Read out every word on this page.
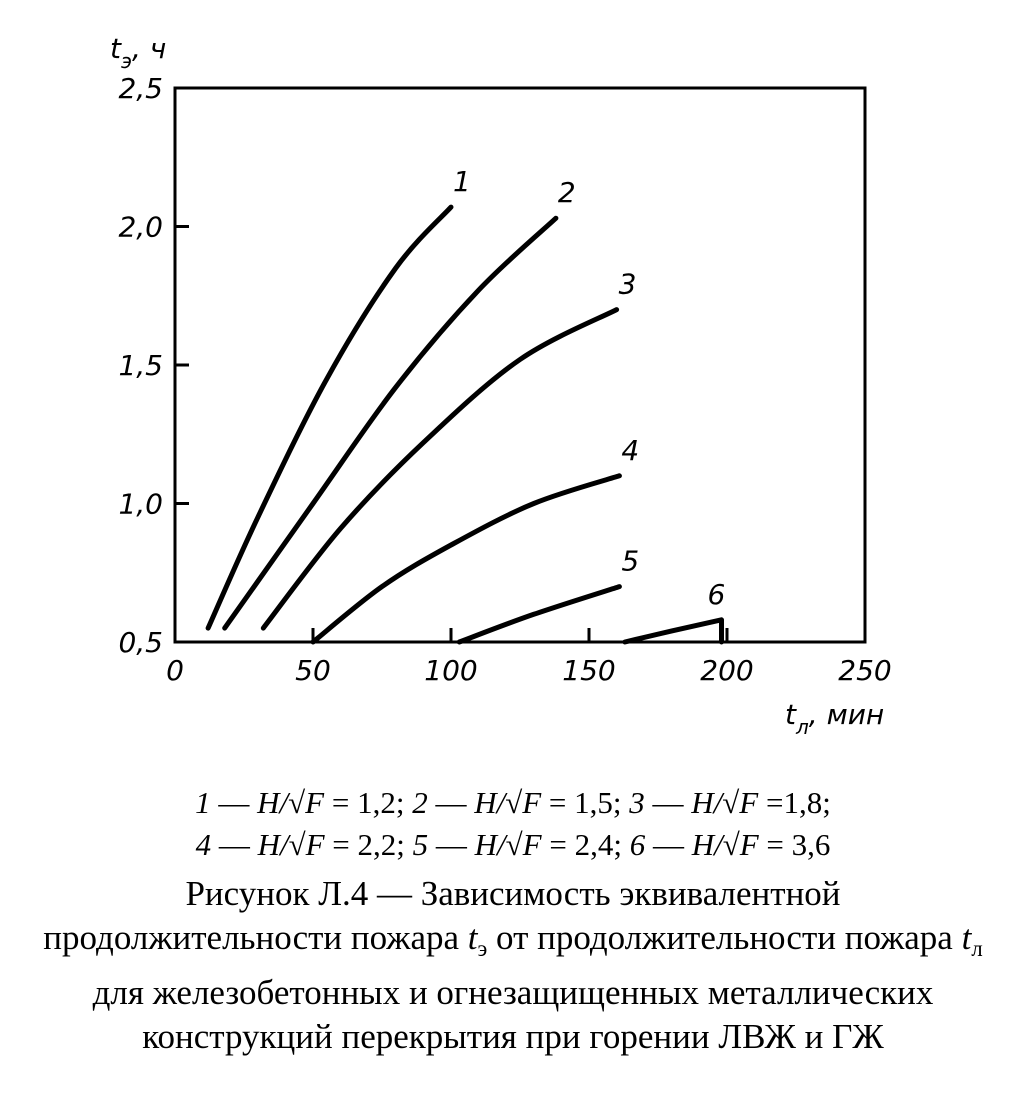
0,5
1,0
1,5
2,0
2,5
0	50	100	150	200	250
1	2
3
4
5
6
$t_э$, ч
$t_л$, мин
1 — H/√F = 1,2; 2 — H/√F = 1,5; 3 — H/√F =1,8;
4 — H/√F = 2,2; 5 — H/√F = 2,4; 6 — H/√F = 3,6
Рисунок Л.4 — Зависимость эквивалентной продолжительности пожара $t_э$ от продолжительности пожара $t_л$ для железобетонных и огнезащищенных металлических конструкций перекрытия при горении ЛВЖ и ГЖ
